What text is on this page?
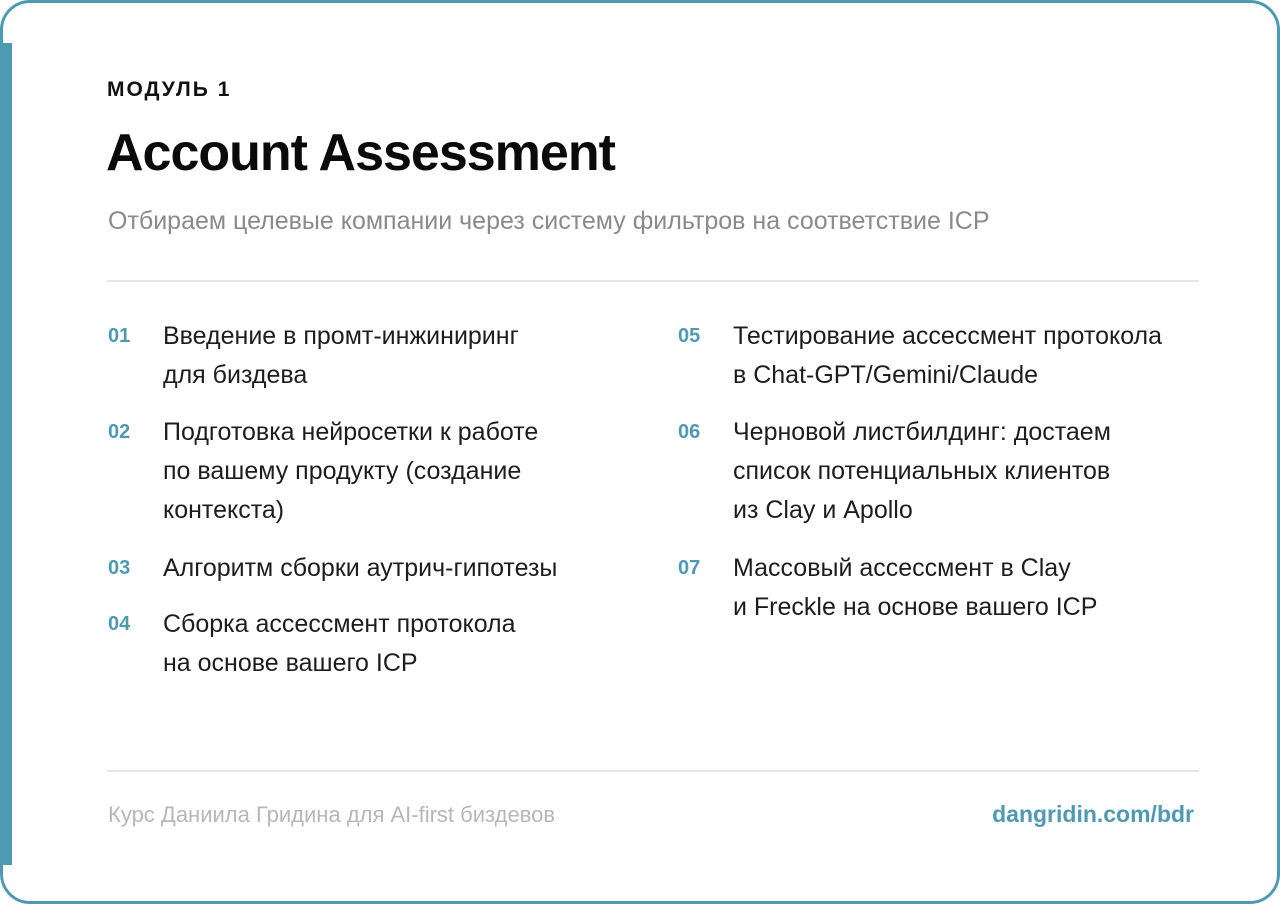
МОДУЛЬ 1
Account Assessment
Отбираем целевые компании через систему фильтров на соответствие ICP
01	Введение в промт-инжиниринг
для биздева
02	Подготовка нейросетки к работе
по вашему продукту (создание
контекста)
03	Алгоритм сборки аутрич-гипотезы
04	Сборка ассессмент протокола
на основе вашего ICP
05	Тестирование ассессмент протокола
в Chat-GPT/Gemini/Claude
06	Черновой листбилдинг: достаем
список потенциальных клиентов
из Clay и Apollo
07	Массовый ассессмент в Clay
и Freckle на основе вашего ICP
Курс Даниила Гридина для AI-first биздевов	dangridin.com/bdr
